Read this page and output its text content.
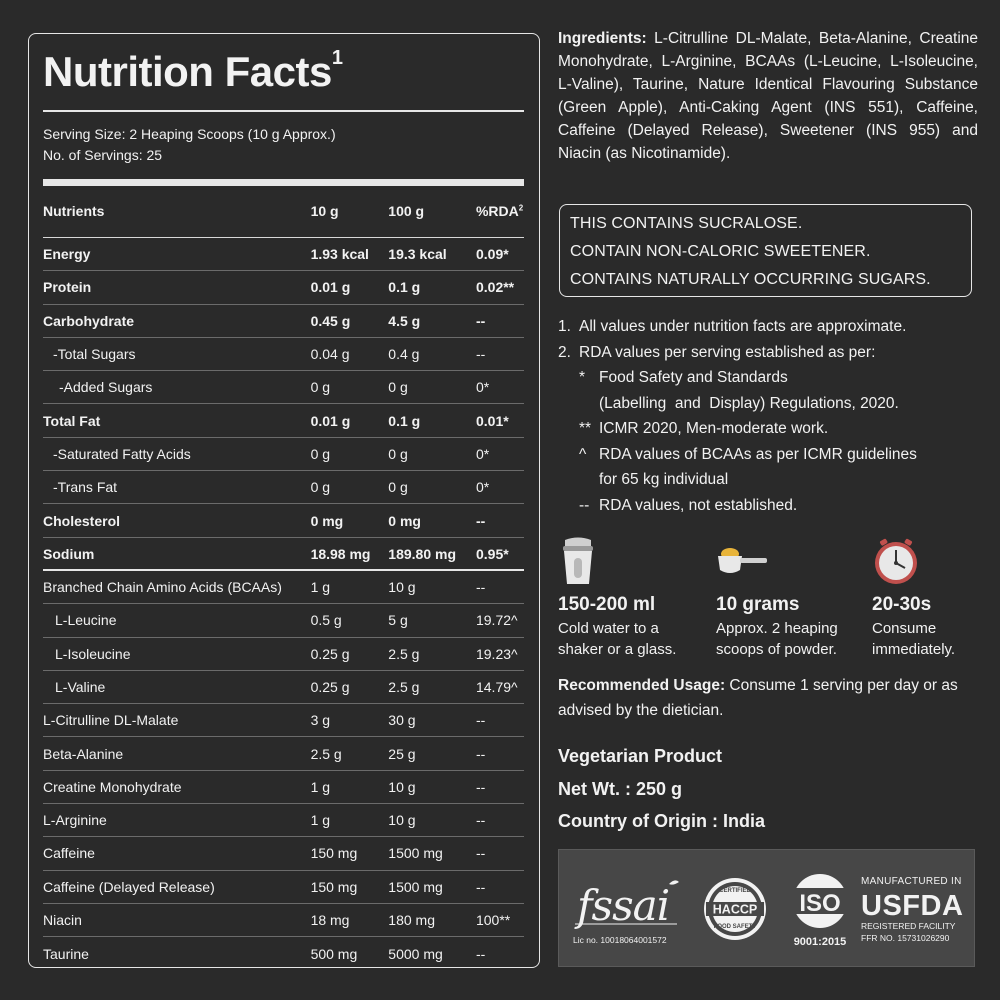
Nutrition Facts$^1$
Serving Size: 2 Heaping Scoops (10 g Approx.)
No. of Servings: 25
Nutrients	10 g	100 g	%RDA$^2$
Energy	1.93 kcal	19.3 kcal	0.09*
Protein	0.01 g	0.1 g	0.02**
Carbohydrate	0.45 g	4.5 g	--
-Total Sugars	0.04 g	0.4 g	--
-Added Sugars	0 g	0 g	0*
Total Fat	0.01 g	0.1 g	0.01*
-Saturated Fatty Acids	0 g	0 g	0*
-Trans Fat	0 g	0 g	0*
Cholesterol	0 mg	0 mg	--
Sodium	18.98 mg	189.80 mg	0.95*
Branched Chain Amino Acids (BCAAs)	1 g	10 g	--
L-Leucine	0.5 g	5 g	19.72^
L-Isoleucine	0.25 g	2.5 g	19.23^
L-Valine	0.25 g	2.5 g	14.79^
L-Citrulline DL-Malate	3 g	30 g	--
Beta-Alanine	2.5 g	25 g	--
Creatine Monohydrate	1 g	10 g	--
L-Arginine	1 g	10 g	--
Caffeine	150 mg	1500 mg	--
Caffeine (Delayed Release)	150 mg	1500 mg	--
Niacin	18 mg	180 mg	100**
Taurine	500 mg	5000 mg	--
Ingredients: L-Citrulline DL-Malate, Beta-Alanine, Creatine Monohydrate, L-Arginine, BCAAs (L-Leucine, L-Isoleucine, L-Valine), Taurine, Nature Identical Flavouring Substance (Green Apple), Anti-Caking Agent (INS 551), Caffeine, Caffeine (Delayed Release), Sweetener (INS 955) and Niacin (as Nicotinamide).
THIS CONTAINS SUCRALOSE.
CONTAIN NON-CALORIC SWEETENER.
CONTAINS NATURALLY OCCURRING SUGARS.
1. All values under nutrition facts are approximate.
2. RDA values per serving established as per:
* Food Safety and Standards
(Labelling  and  Display) Regulations, 2020.
** ICMR 2020, Men-moderate work.
^ RDA values of BCAAs as per ICMR guidelines
for 65 kg individual
-- RDA values, not established.
150-200 ml
Cold water to a
shaker or a glass.
10 grams
Approx. 2 heaping
scoops of powder.
20-30s
Consume
immediately.
Recommended Usage: Consume 1 serving per day or as advised by the dietician.
Vegetarian Product
Net Wt. : 250 g
Country of Origin : India
fssai
Lic no. 10018064001572
HACCP
CERTIFIED
FOOD SAFETY
ISO
9001:2015
MANUFACTURED IN
USFDA
REGISTERED FACILITY
FFR NO. 15731026290
